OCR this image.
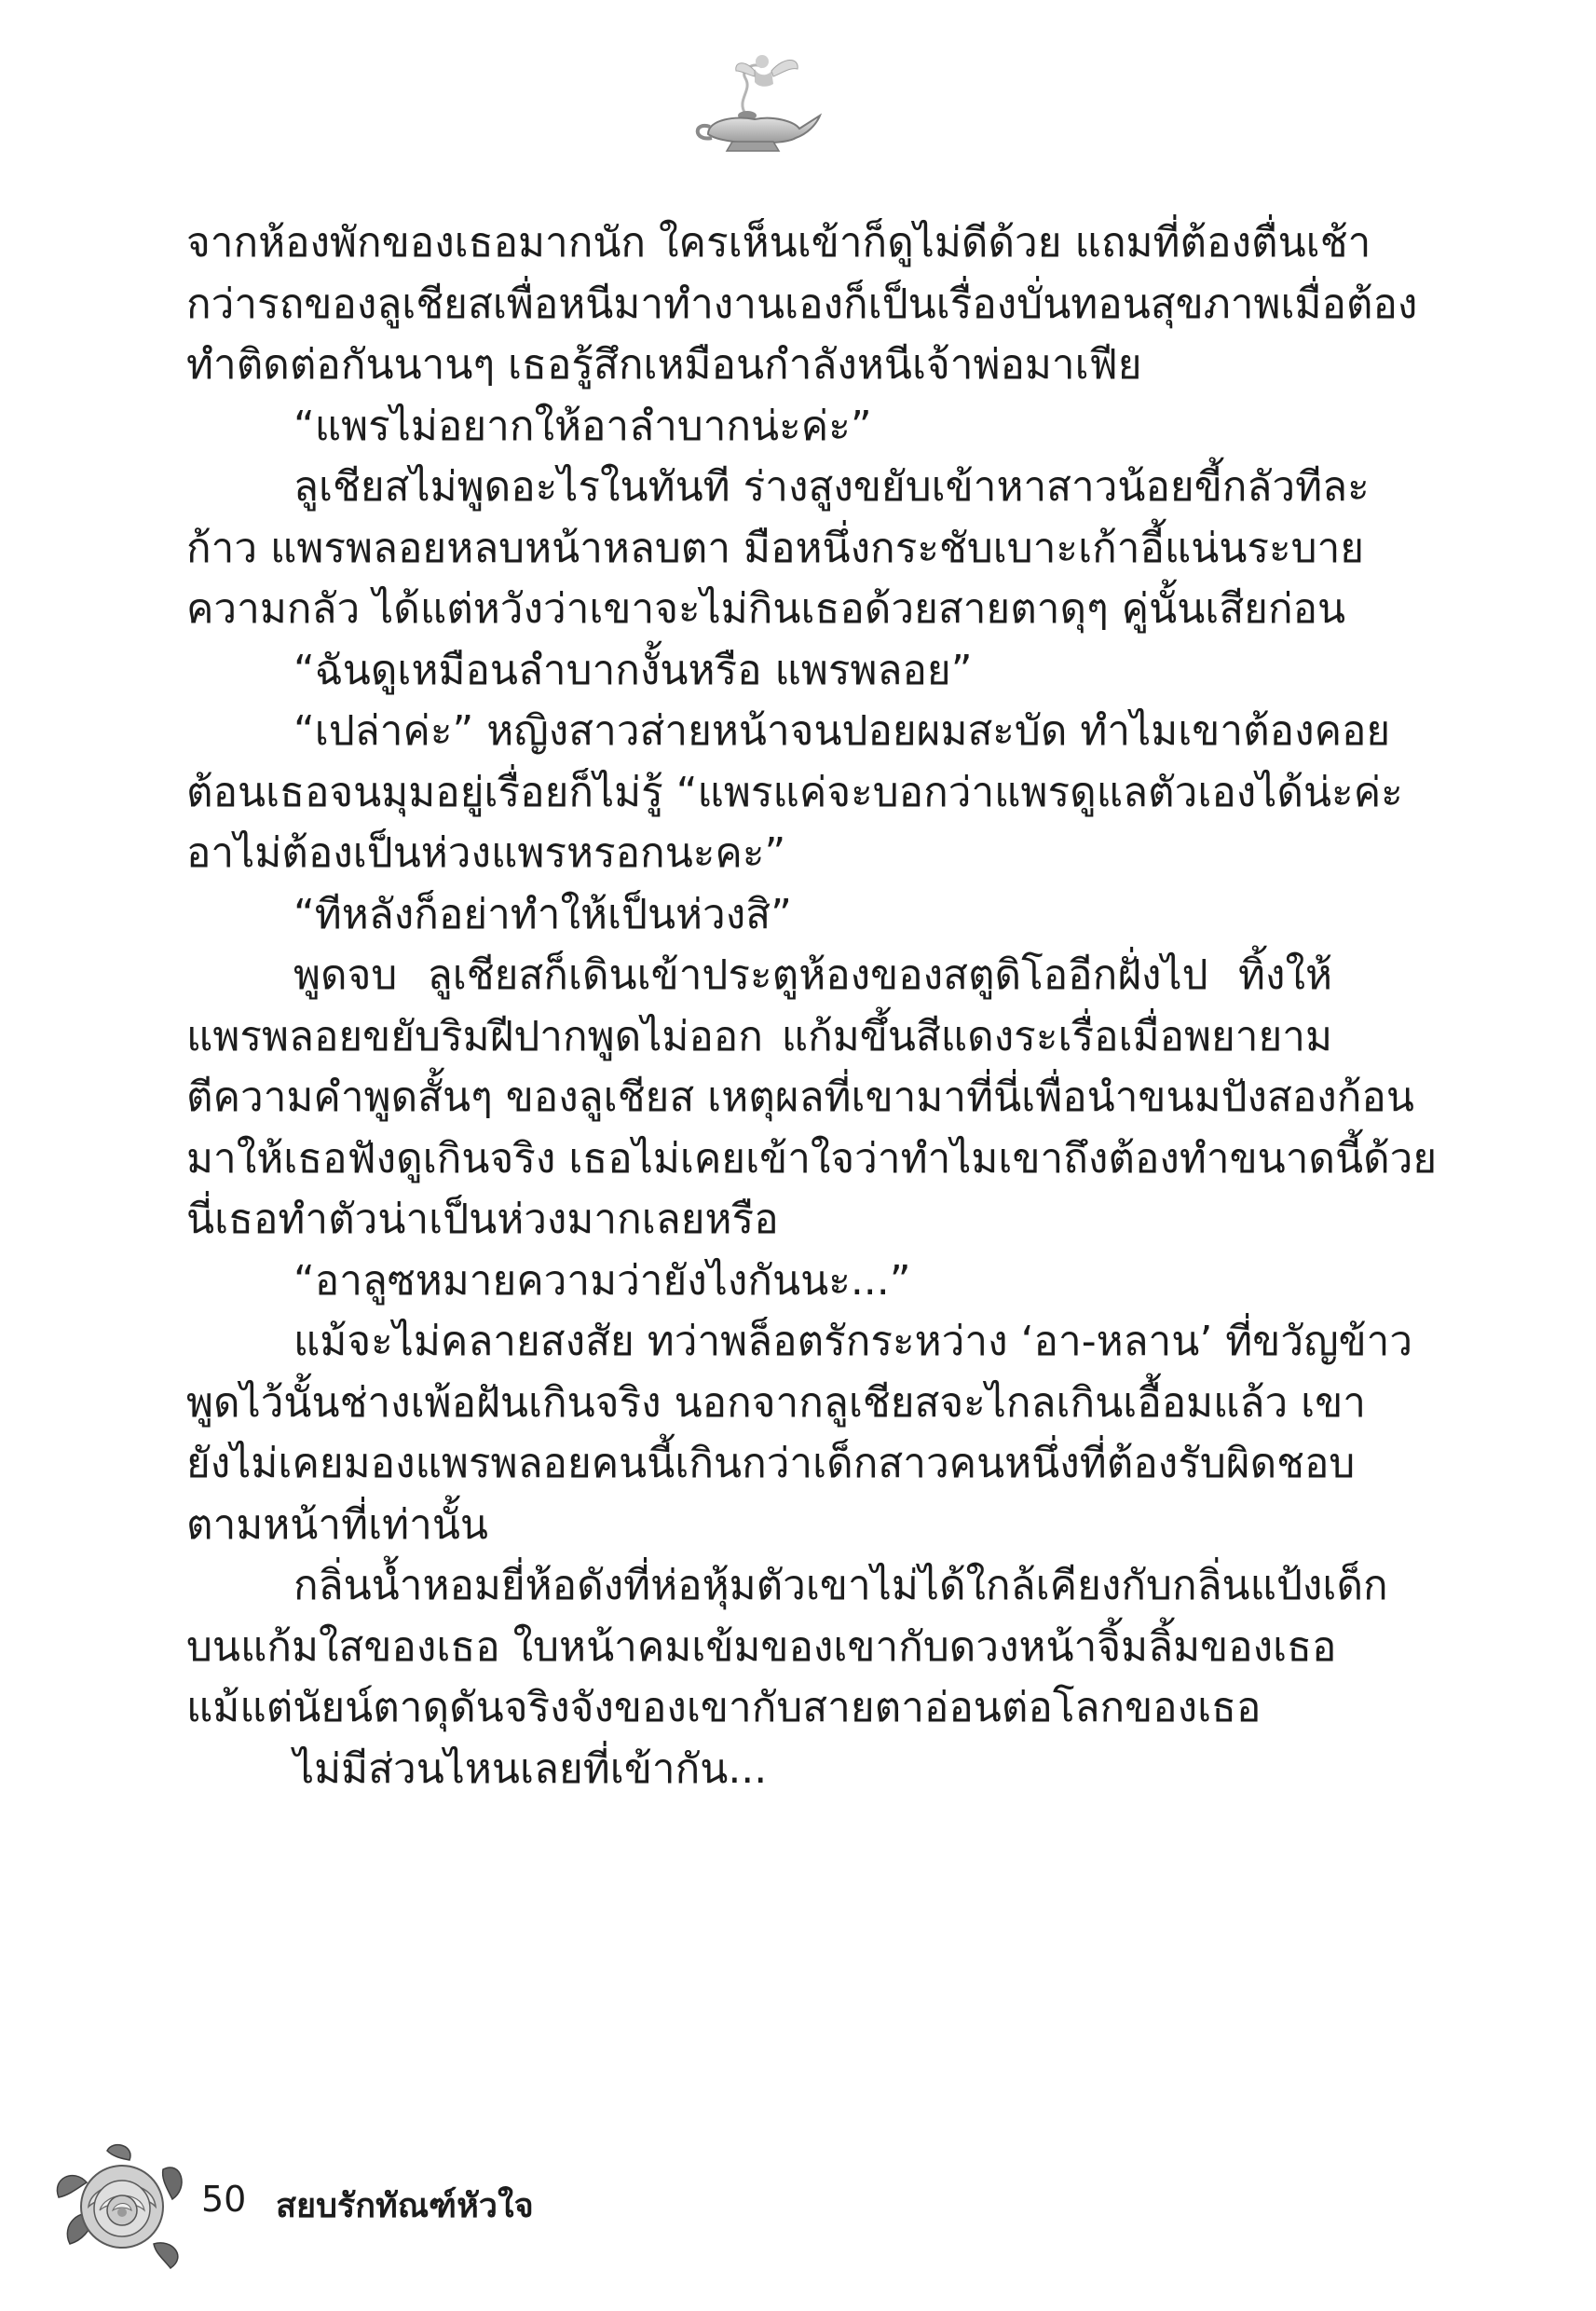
จากห้องพักของเธอมากนัก ใครเห็นเข้าก็ดูไม่ดีด้วย แถมที่ต้องตื่นเช้า
กว่ารถของลูเชียสเพื่อหนีมาทำงานเองก็เป็นเรื่องบั่นทอนสุขภาพเมื่อต้อง
ทำติดต่อกันนานๆ เธอรู้สึกเหมือนกำลังหนีเจ้าพ่อมาเฟีย
“แพรไม่อยากให้อาลำบากน่ะค่ะ”
ลูเชียสไม่พูดอะไรในทันที ร่างสูงขยับเข้าหาสาวน้อยขี้กลัวทีละ
ก้าว แพรพลอยหลบหน้าหลบตา มือหนึ่งกระชับเบาะเก้าอี้แน่นระบาย
ความกลัว ได้แต่หวังว่าเขาจะไม่กินเธอด้วยสายตาดุๆ คู่นั้นเสียก่อน
“ฉันดูเหมือนลำบากงั้นหรือ แพรพลอย”
“เปล่าค่ะ” หญิงสาวส่ายหน้าจนปอยผมสะบัด ทำไมเขาต้องคอย
ต้อนเธอจนมุมอยู่เรื่อยก็ไม่รู้ “แพรแค่จะบอกว่าแพรดูแลตัวเองได้น่ะค่ะ
อาไม่ต้องเป็นห่วงแพรหรอกนะคะ”
“ทีหลังก็อย่าทำให้เป็นห่วงสิ”
พูดจบ ลูเชียสก็เดินเข้าประตูห้องของสตูดิโออีกฝั่งไป ทิ้งให้
แพรพลอยขยับริมฝีปากพูดไม่ออก แก้มขึ้นสีแดงระเรื่อเมื่อพยายาม
ตีความคำพูดสั้นๆ ของลูเชียส เหตุผลที่เขามาที่นี่เพื่อนำขนมปังสองก้อน
มาให้เธอฟังดูเกินจริง เธอไม่เคยเข้าใจว่าทำไมเขาถึงต้องทำขนาดนี้ด้วย
นี่เธอทำตัวน่าเป็นห่วงมากเลยหรือ
“อาลูซหมายความว่ายังไงกันนะ...”
แม้จะไม่คลายสงสัย ทว่าพล็อตรักระหว่าง ‘อา-หลาน’ ที่ขวัญข้าว
พูดไว้นั้นช่างเพ้อฝันเกินจริง นอกจากลูเชียสจะไกลเกินเอื้อมแล้ว เขา
ยังไม่เคยมองแพรพลอยคนนี้เกินกว่าเด็กสาวคนหนึ่งที่ต้องรับผิดชอบ
ตามหน้าที่เท่านั้น
กลิ่นน้ำหอมยี่ห้อดังที่ห่อหุ้มตัวเขาไม่ได้ใกล้เคียงกับกลิ่นแป้งเด็ก
บนแก้มใสของเธอ ใบหน้าคมเข้มของเขากับดวงหน้าจิ้มลิ้มของเธอ
แม้แต่นัยน์ตาดุดันจริงจังของเขากับสายตาอ่อนต่อโลกของเธอ
ไม่มีส่วนไหนเลยที่เข้ากัน...
50 สยบรักทัณฑ์หัวใจ
